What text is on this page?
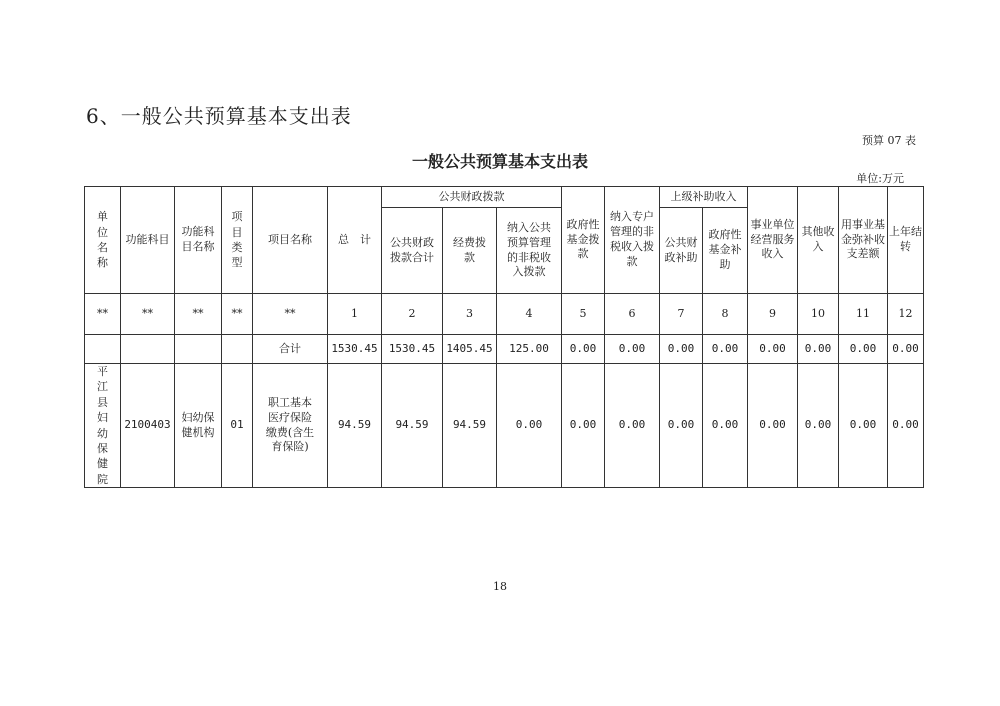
6、一般公共预算基本支出表
预算 07 表
一般公共预算基本支出表
单位:万元
单位名称	功能科目	功能科目名称	项目类型	项目名称	总　计	公共财政拨款			政府性基金拨款	纳入专户管理的非税收入拨款	上级补助收入		事业单位经营服务收入	其他收入	用事业基金弥补收支差额	上年结转

						公共财政拨款合计	经费拨款	纳入公共预算管理的非税收入拨款			公共财政补助	政府性基金补助				

**	**	**	**	**	1	2	3	4	5	6	7	8	9	10	11	12
				合计	1530.45	1530.45	1405.45	125.00	0.00	0.00	0.00	0.00	0.00	0.00	0.00	0.00

平江县妇幼保健院	2100403	妇幼保健机构	01	职工基本医疗保险缴费(含生育保险)	94.59	94.59	94.59	0.00	0.00	0.00	0.00	0.00	0.00	0.00	0.00	0.00
18
